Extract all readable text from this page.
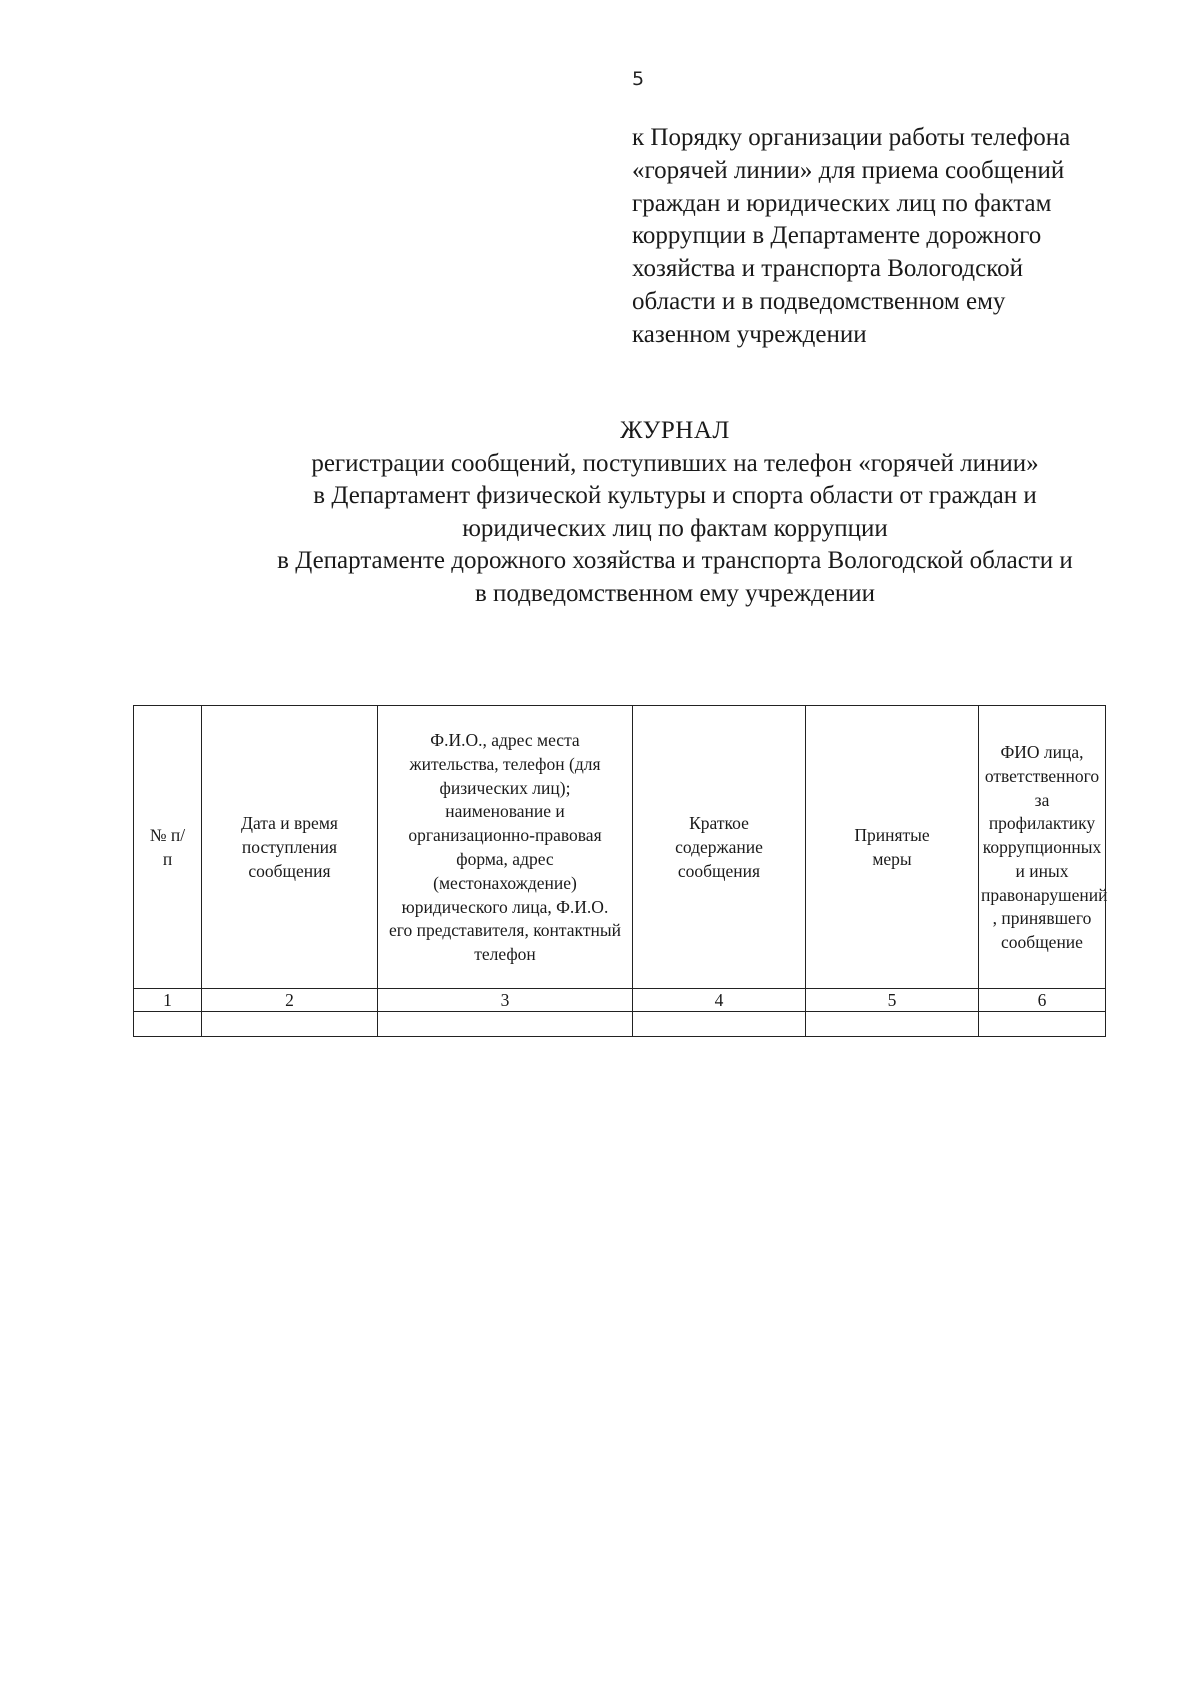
5
к Порядку организации работы телефона
«горячей линии» для приема сообщений
граждан и юридических лиц по фактам
коррупции в Департаменте дорожного
хозяйства и транспорта Вологодской
области и в подведомственном ему
казенном учреждении
ЖУРНАЛ
регистрации сообщений, поступивших на телефон «горячей линии»
в Департамент физической культуры и спорта области от граждан и
юридических лиц по фактам коррупции
в Департаменте дорожного хозяйства и транспорта Вологодской области и
в подведомственном ему учреждении
№ п/п	Дата и время поступления сообщения	Ф.И.О., адрес места жительства, телефон (для физических лиц); наименование и организационно-правовая форма, адрес (местонахождение) юридического лица, Ф.И.О. его представителя, контактный телефон	Краткое содержание сообщения	Принятые меры	ФИО лица, ответственного за профилактику коррупционных и иных правонарушений , принявшего сообщение

1	2	3	4	5	6
